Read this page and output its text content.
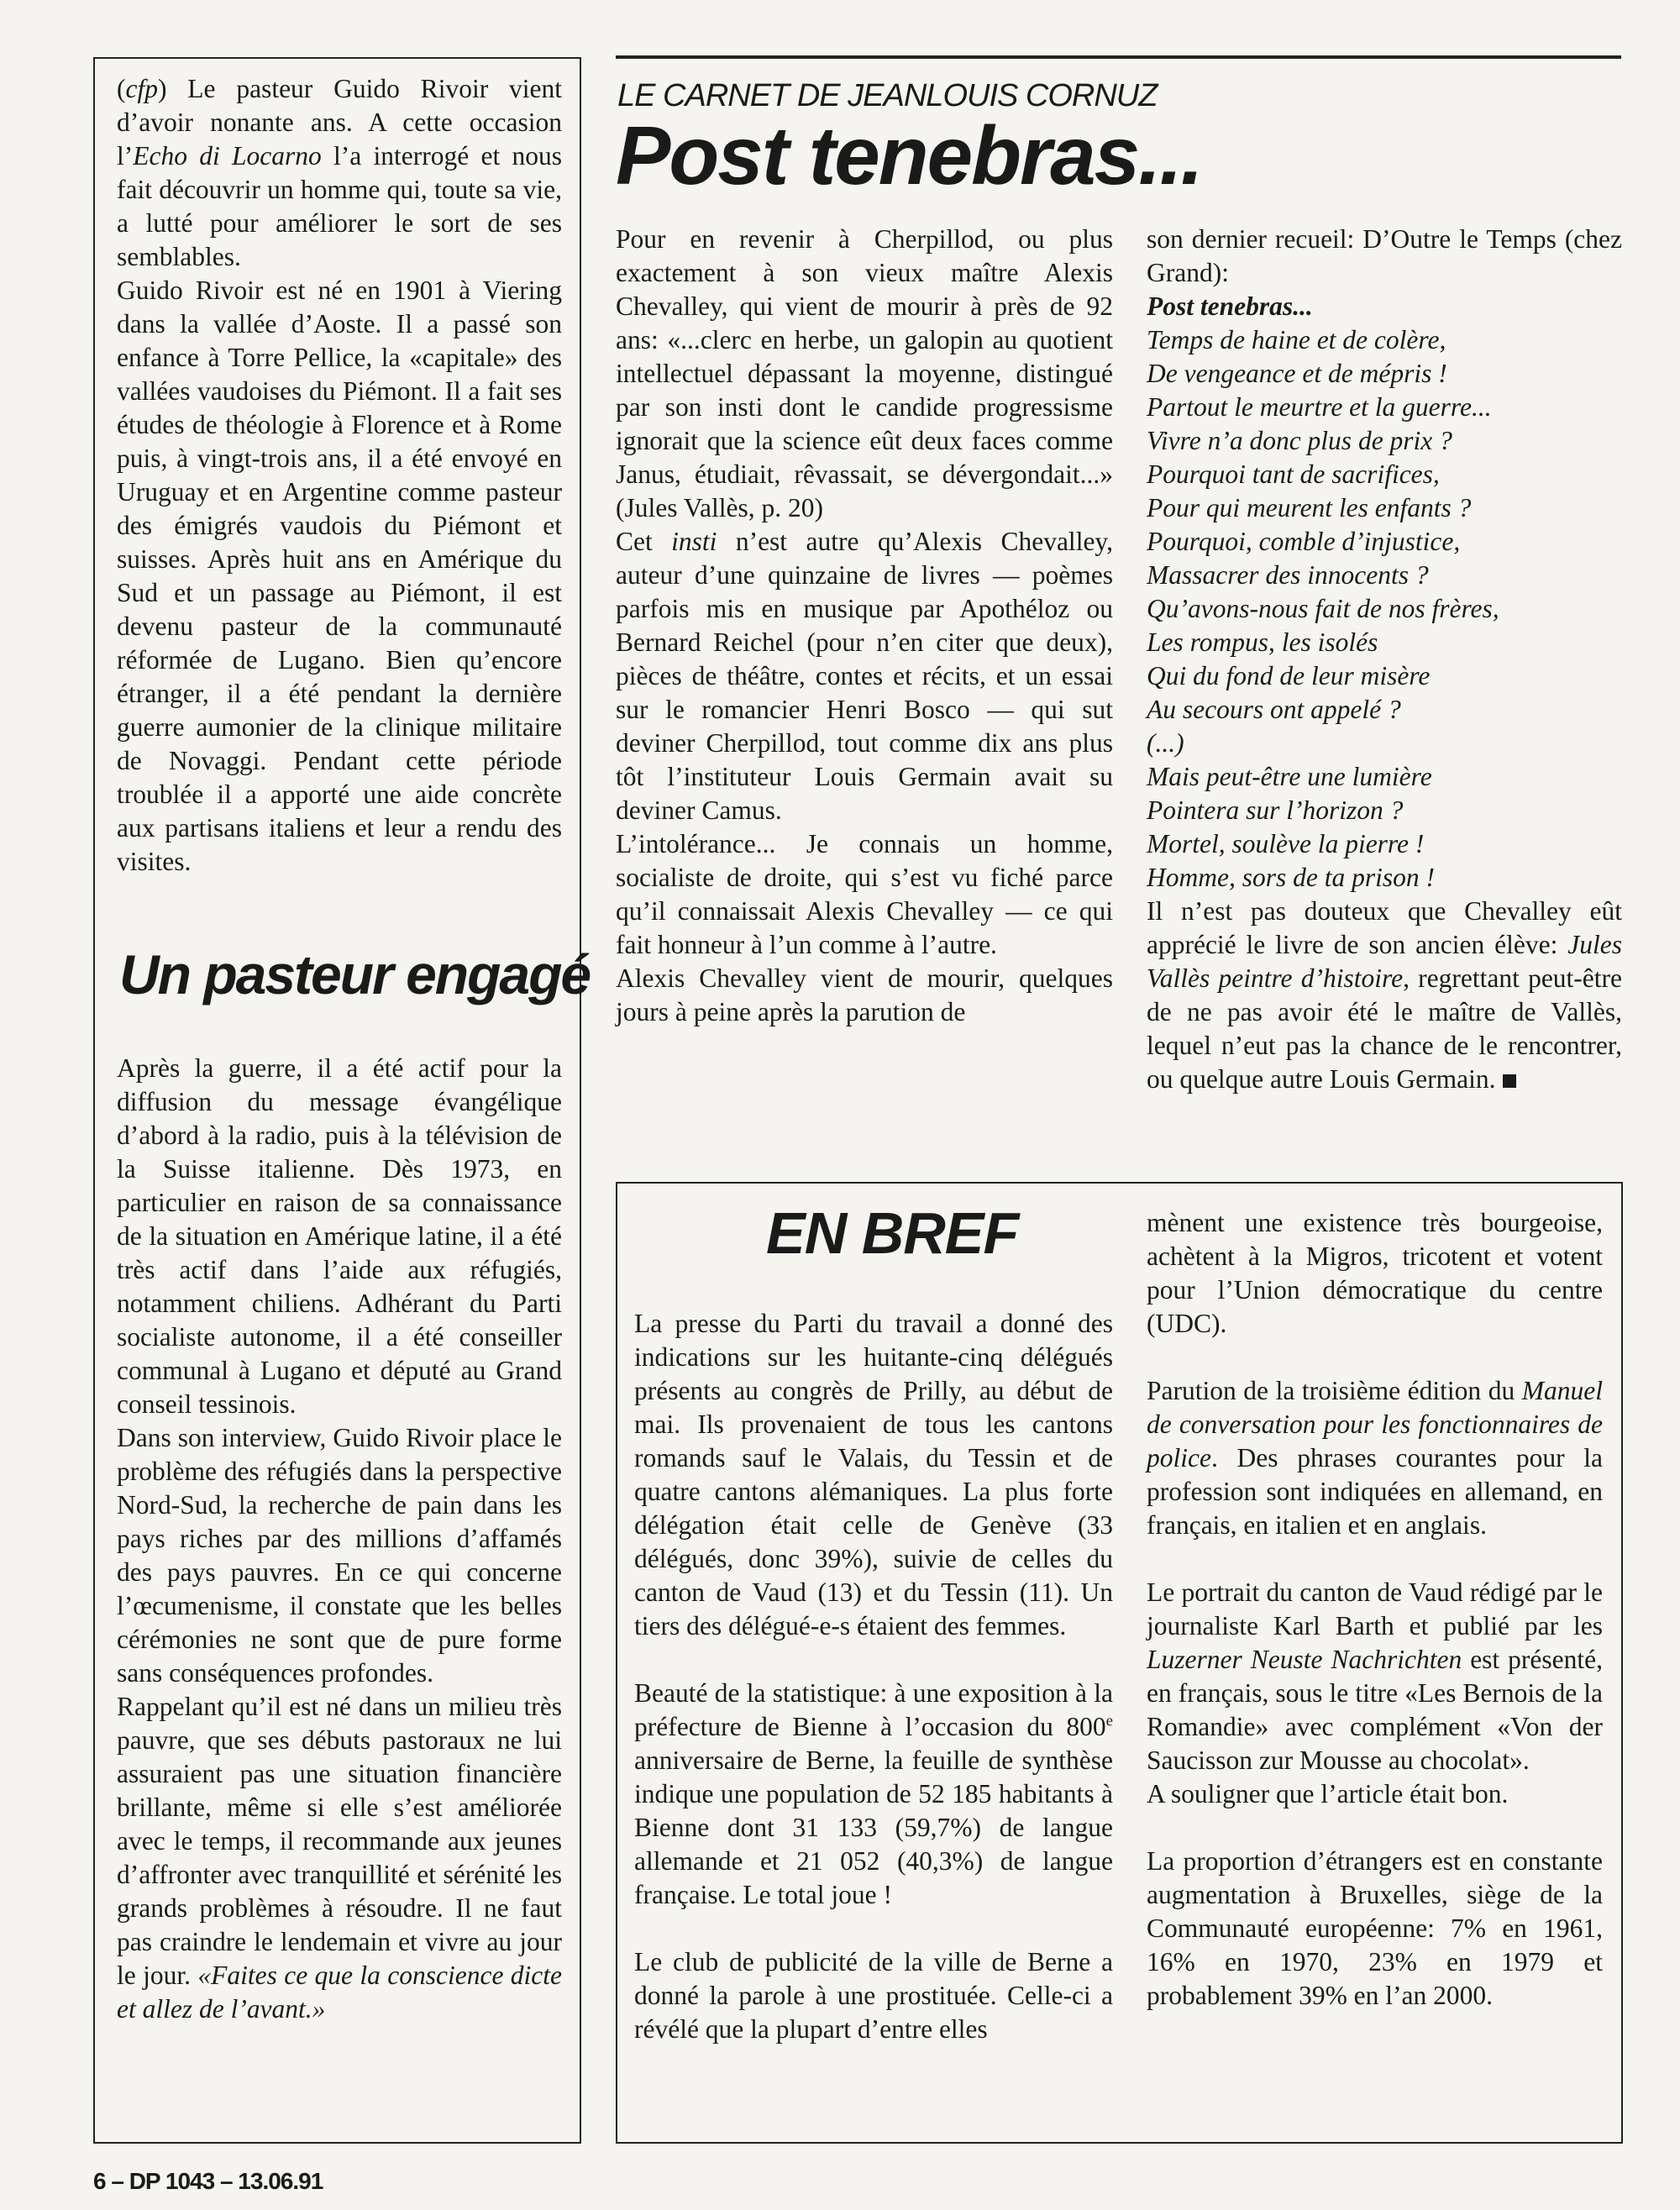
(cfp) Le pasteur Guido Rivoir vient d’avoir nonante ans. A cette occasion l’Echo di Locarno l’a interrogé et nous fait découvrir un homme qui, toute sa vie, a lutté pour améliorer le sort de ses semblables.

Guido Rivoir est né en 1901 à Viering dans la vallée d’Aoste. Il a passé son enfance à Torre Pellice, la «capitale» des vallées vaudoises du Piémont. Il a fait ses études de théologie à Florence et à Rome puis, à vingt-trois ans, il a été envoyé en Uruguay et en Argentine comme pasteur des émigrés vaudois du Piémont et suisses. Après huit ans en Amérique du Sud et un passage au Piémont, il est devenu pasteur de la communauté réformée de Lugano. Bien qu’encore étranger, il a été pendant la dernière guerre aumonier de la clinique militaire de Novaggi. Pendant cette période troublée il a apporté une aide concrète aux partisans italiens et leur a rendu des visites.

Un pasteur engagé

Après la guerre, il a été actif pour la diffusion du message évangélique d’abord à la radio, puis à la télévision de la Suisse italienne. Dès 1973, en particulier en raison de sa connaissance de la situation en Amérique latine, il a été très actif dans l’aide aux réfugiés, notamment chiliens. Adhérant du Parti socialiste autonome, il a été conseiller communal à Lugano et député au Grand conseil tessinois.

Dans son interview, Guido Rivoir place le problème des réfugiés dans la perspective Nord-Sud, la recherche de pain dans les pays riches par des millions d’affamés des pays pauvres. En ce qui concerne l’œcumenisme, il constate que les belles cérémonies ne sont que de pure forme sans conséquences profondes.

Rappelant qu’il est né dans un milieu très pauvre, que ses débuts pastoraux ne lui assuraient pas une situation financière brillante, même si elle s’est améliorée avec le temps, il recommande aux jeunes d’affronter avec tranquillité et sérénité les grands problèmes à résoudre. Il ne faut pas craindre le lendemain et vivre au jour le jour. «Faites ce que la conscience dicte et allez de l’avant.»

LE CARNET DE JEANLOUIS CORNUZ
Post tenebras...

Pour en revenir à Cherpillod, ou plus exactement à son vieux maître Alexis Chevalley, qui vient de mourir à près de 92 ans: «...clerc en herbe, un galopin au quotient intellectuel dépassant la moyenne, distingué par son insti dont le candide progressisme ignorait que la science eût deux faces comme Janus, étudiait, rêvassait, se dévergondait...» (Jules Vallès, p. 20)

Cet insti n’est autre qu’Alexis Chevalley, auteur d’une quinzaine de livres — poèmes parfois mis en musique par Apothéloz ou Bernard Reichel (pour n’en citer que deux), pièces de théâtre, contes et récits, et un essai sur le romancier Henri Bosco — qui sut deviner Cherpillod, tout comme dix ans plus tôt l’instituteur Louis Germain avait su deviner Camus.

L’intolérance... Je connais un homme, socialiste de droite, qui s’est vu fiché parce qu’il connaissait Alexis Chevalley — ce qui fait honneur à l’un comme à l’autre.

Alexis Chevalley vient de mourir, quelques jours à peine après la parution de

son dernier recueil: D’Outre le Temps (chez Grand):

Post tenebras...

Temps de haine et de colère,

De vengeance et de mépris !

Partout le meurtre et la guerre...

Vivre n’a donc plus de prix ?

Pourquoi tant de sacrifices,

Pour qui meurent les enfants ?

Pourquoi, comble d’injustice,

Massacrer des innocents ?

Qu’avons-nous fait de nos frères,

Les rompus, les isolés

Qui du fond de leur misère

Au secours ont appelé ?

(...)

Mais peut-être une lumière

Pointera sur l’horizon ?

Mortel, soulève la pierre !

Homme, sors de ta prison !

Il n’est pas douteux que Chevalley eût apprécié le livre de son ancien élève: Jules Vallès peintre d’histoire, regrettant peut-être de ne pas avoir été le maître de Vallès, lequel n’eut pas la chance de le rencontrer, ou quelque autre Louis Germain.

EN BREF

La presse du Parti du travail a donné des indications sur les huitante-cinq délégués présents au congrès de Prilly, au début de mai. Ils provenaient de tous les cantons romands sauf le Valais, du Tessin et de quatre cantons alémaniques. La plus forte délégation était celle de Genève (33 délégués, donc 39%), suivie de celles du canton de Vaud (13) et du Tessin (11). Un tiers des délégué-e-s étaient des femmes.

Beauté de la statistique: à une exposition à la préfecture de Bienne à l’occasion du 800e anniversaire de Berne, la feuille de synthèse indique une population de 52 185 habitants à Bienne dont 31 133 (59,7%) de langue allemande et 21 052 (40,3%) de langue française. Le total joue !

Le club de publicité de la ville de Berne a donné la parole à une prostituée. Celle-ci a révélé que la plupart d’entre elles

mènent une existence très bourgeoise, achètent à la Migros, tricotent et votent pour l’Union démocratique du centre (UDC).

Parution de la troisième édition du Manuel de conversation pour les fonctionnaires de police. Des phrases courantes pour la profession sont indiquées en allemand, en français, en italien et en anglais.

Le portrait du canton de Vaud rédigé par le journaliste Karl Barth et publié par les Luzerner Neuste Nachrichten est présenté, en français, sous le titre «Les Bernois de la Romandie» avec complément «Von der Saucisson zur Mousse au chocolat».

A souligner que l’article était bon.

La proportion d’étrangers est en constante augmentation à Bruxelles, siège de la Communauté européenne: 7% en 1961, 16% en 1970, 23% en 1979 et probablement 39% en l’an 2000.

6 – DP 1043 – 13.06.91
